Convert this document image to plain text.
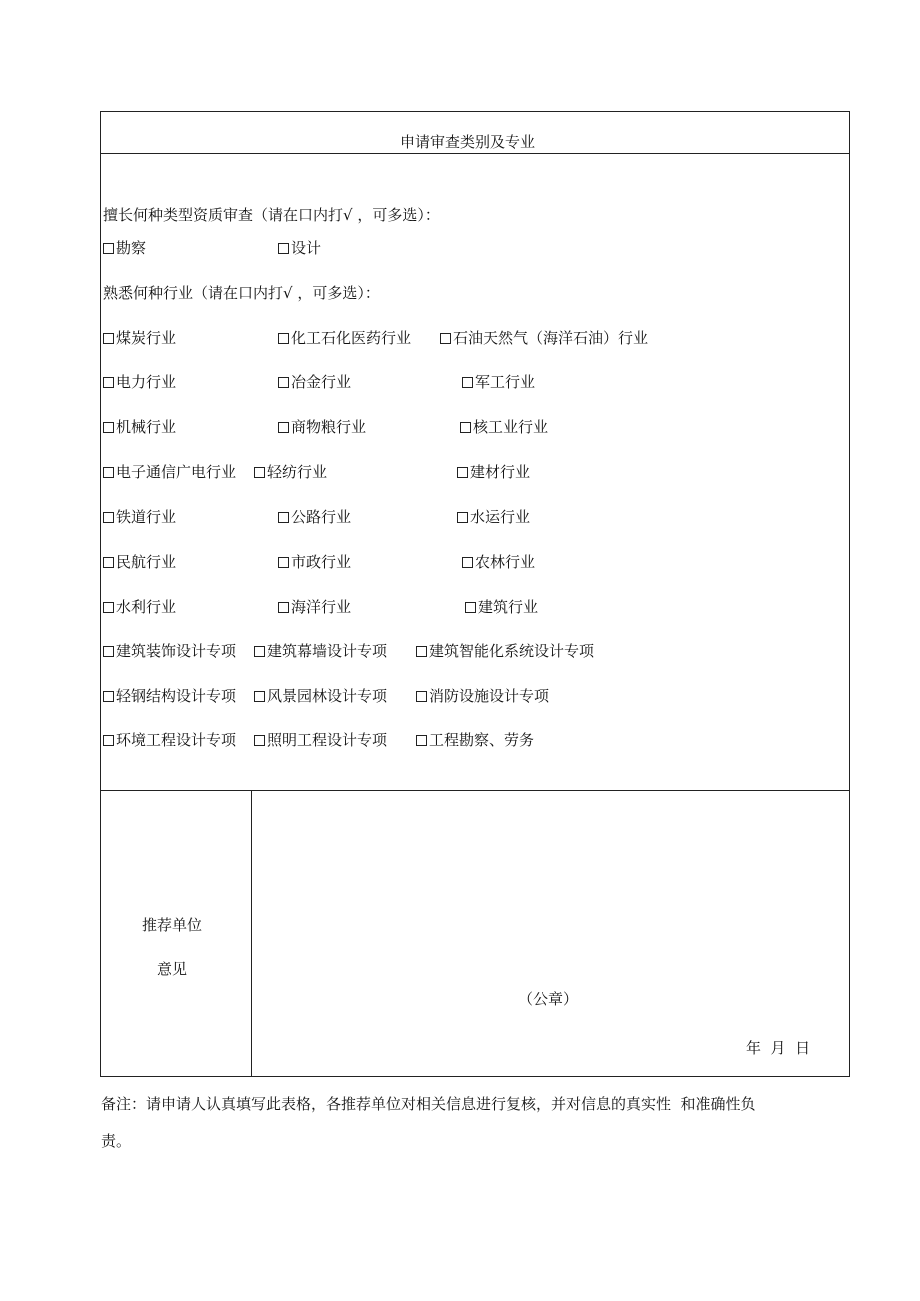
申请审查类别及专业
擅长何种类型资质审查（请在口内打√ ，可多选）：
勘察	设计
熟悉何种行业（请在口内打√ ，可多选）：
煤炭行业	化工石化医药行业	石油天然气（海洋石油）行业
电力行业	冶金行业	军工行业
机械行业	商物粮行业	核工业行业
电子通信广电行业	轻纺行业	建材行业
铁道行业	公路行业	水运行业
民航行业	市政行业	农林行业
水利行业	海洋行业	建筑行业
建筑装饰设计专项	建筑幕墙设计专项	建筑智能化系统设计专项
轻钢结构设计专项	风景园林设计专项	消防设施设计专项
环境工程设计专项	照明工程设计专项	工程勘察、劳务
推荐单位
意见
（公章）
年  月  日
备注：请申请人认真填写此表格，各推荐单位对相关信息进行复核，并对信息的真实性  和准确性负
责。
